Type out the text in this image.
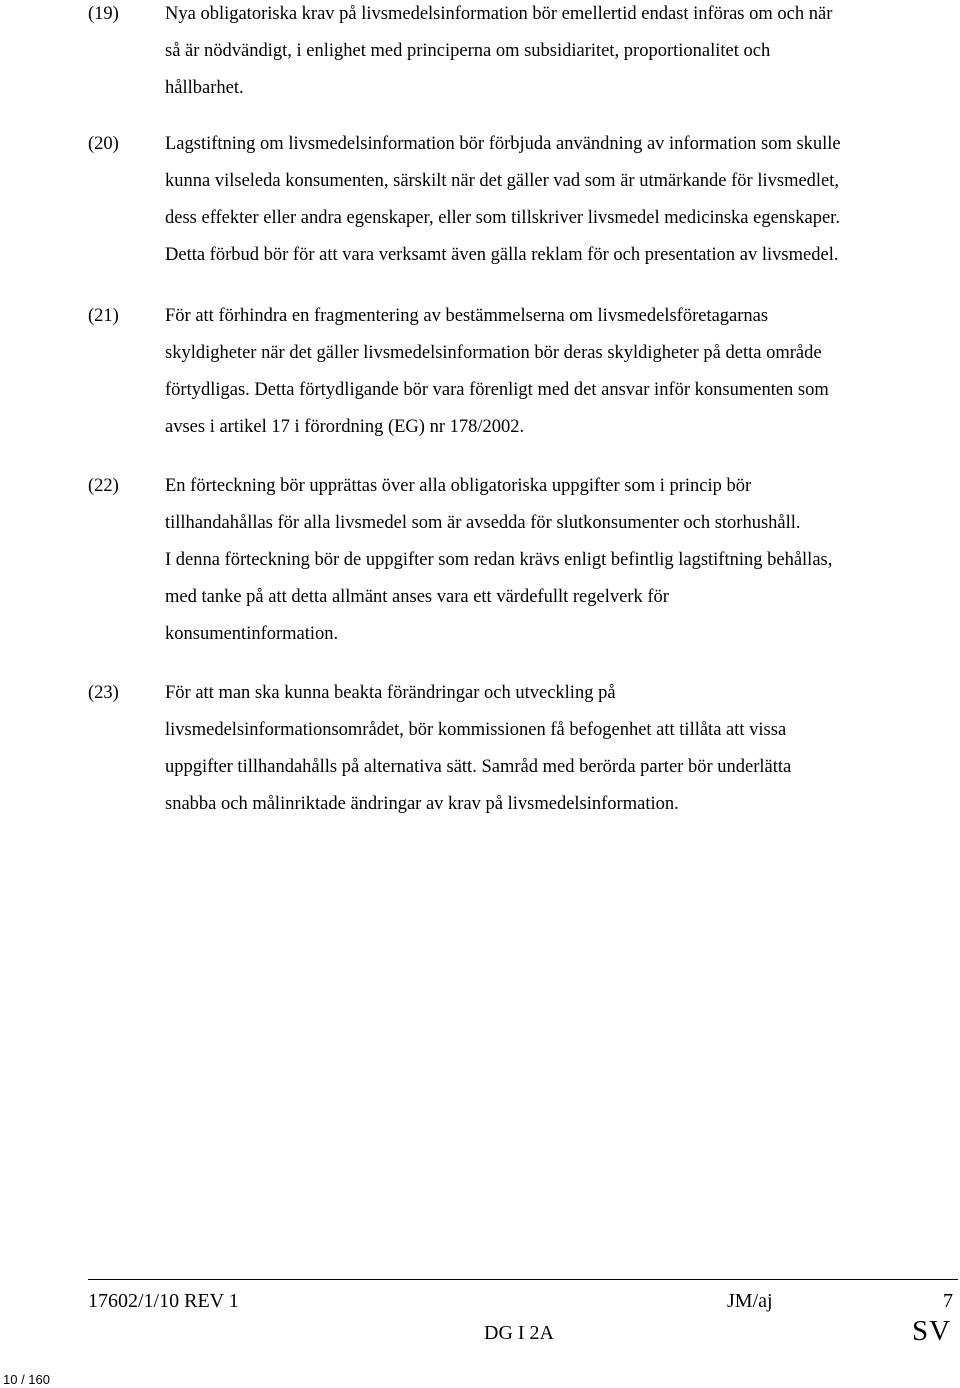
(19) Nya obligatoriska krav på livsmedelsinformation bör emellertid endast införas om och när
så är nödvändigt, i enlighet med principerna om subsidiaritet, proportionalitet och
hållbarhet.
(20) Lagstiftning om livsmedelsinformation bör förbjuda användning av information som skulle
kunna vilseleda konsumenten, särskilt när det gäller vad som är utmärkande för livsmedlet,
dess effekter eller andra egenskaper, eller som tillskriver livsmedel medicinska egenskaper.
Detta förbud bör för att vara verksamt även gälla reklam för och presentation av livsmedel.
(21) För att förhindra en fragmentering av bestämmelserna om livsmedelsföretagarnas
skyldigheter när det gäller livsmedelsinformation bör deras skyldigheter på detta område
förtydligas. Detta förtydligande bör vara förenligt med det ansvar inför konsumenten som
avses i artikel 17 i förordning (EG) nr 178/2002.
(22) En förteckning bör upprättas över alla obligatoriska uppgifter som i princip bör
tillhandahållas för alla livsmedel som är avsedda för slutkonsumenter och storhushåll.
I denna förteckning bör de uppgifter som redan krävs enligt befintlig lagstiftning behållas,
med tanke på att detta allmänt anses vara ett värdefullt regelverk för
konsumentinformation.
(23) För att man ska kunna beakta förändringar och utveckling på
livsmedelsinformationsområdet, bör kommissionen få befogenhet att tillåta att vissa
uppgifter tillhandahålls på alternativa sätt. Samråd med berörda parter bör underlätta
snabba och målinriktade ändringar av krav på livsmedelsinformation.
17602/1/10 REV 1	JM/aj	7
DG I 2A	SV
10 / 160
